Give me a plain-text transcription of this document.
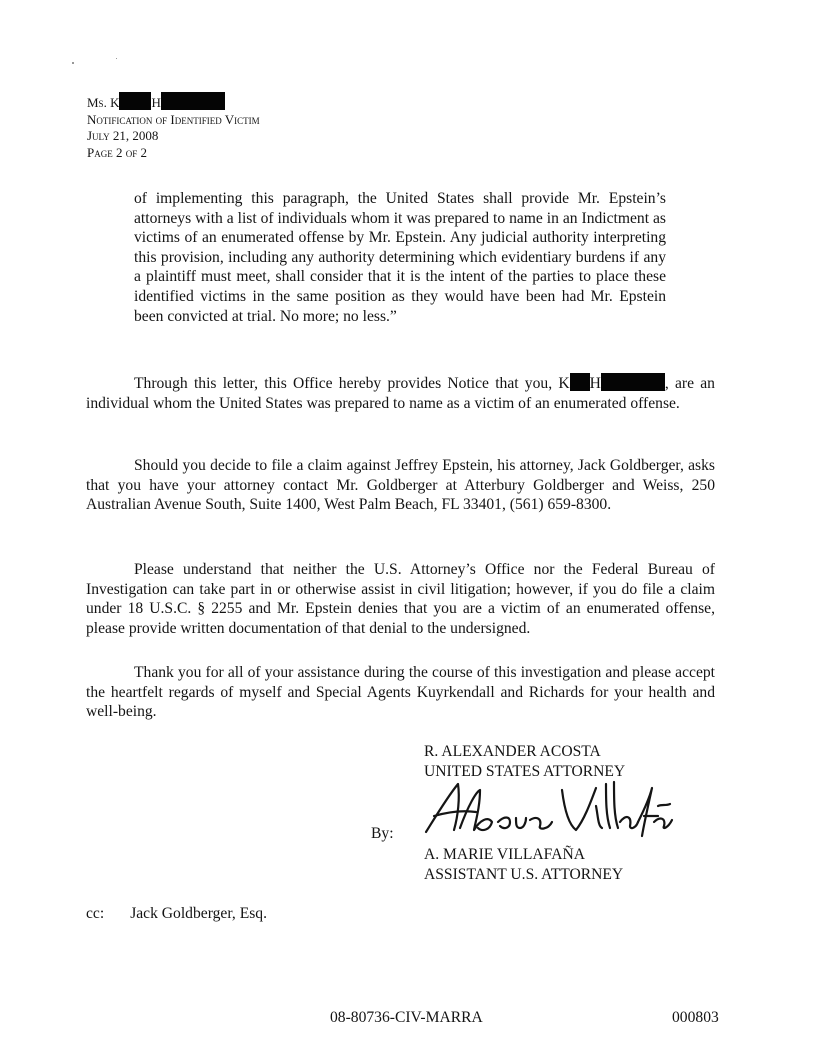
Ms. K H
Notification of Identified Victim
July 21, 2008
Page 2 of 2
of implementing this paragraph, the United States shall provide Mr. Epstein’s attorneys with a list of individuals whom it was prepared to name in an Indictment as victims of an enumerated offense by Mr. Epstein. Any judicial authority interpreting this provision, including any authority determining which evidentiary burdens if any a plaintiff must meet, shall consider that it is the intent of the parties to place these identified victims in the same position as they would have been had Mr. Epstein been convicted at trial. No more; no less.”
Through this letter, this Office hereby provides Notice that you, K H	, are an individual whom the United States was prepared to name as a victim of an enumerated offense.
Should you decide to file a claim against Jeffrey Epstein, his attorney, Jack Goldberger, asks that you have your attorney contact Mr. Goldberger at Atterbury Goldberger and Weiss, 250 Australian Avenue South, Suite 1400, West Palm Beach, FL 33401, (561) 659-8300.
Please understand that neither the U.S. Attorney’s Office nor the Federal Bureau of Investigation can take part in or otherwise assist in civil litigation; however, if you do file a claim under 18 U.S.C. § 2255 and Mr. Epstein denies that you are a victim of an enumerated offense, please provide written documentation of that denial to the undersigned.
Thank you for all of your assistance during the course of this investigation and please accept the heartfelt regards of myself and Special Agents Kuyrkendall and Richards for your health and well-being.
R. ALEXANDER ACOSTA
UNITED STATES ATTORNEY
By:
A. MARIE VILLAFAÑA
ASSISTANT U.S. ATTORNEY
cc: Jack Goldberger, Esq.
08-80736-CIV-MARRA	000803
